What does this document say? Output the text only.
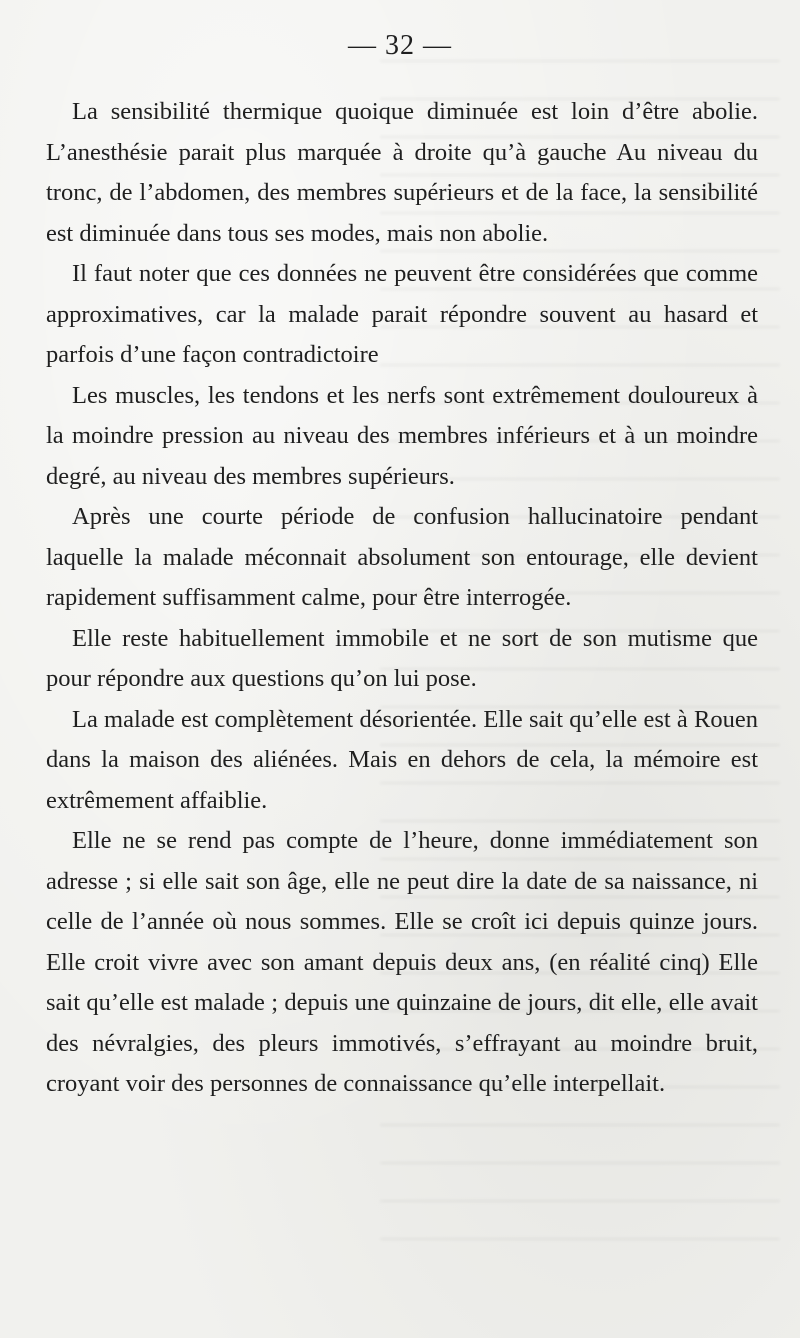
— 32 —

La sensibilité thermique quoique diminuée est loin d’être abolie. L’anesthésie parait plus marquée à droite qu’à gauche Au niveau du tronc, de l’abdomen, des membres supérieurs et de la face, la sensibilité est diminuée dans tous ses modes, mais non abolie.

Il faut noter que ces données ne peuvent être considérées que comme approximatives, car la malade parait répondre souvent au hasard et parfois d’une façon contradictoire

Les muscles, les tendons et les nerfs sont extrêmement douloureux à la moindre pression au niveau des membres inférieurs et à un moindre degré, au niveau des membres supérieurs.

Après une courte période de confusion hallucinatoire pendant laquelle la malade méconnait absolument son entourage, elle devient rapidement suffisamment calme, pour être interrogée.

Elle reste habituellement immobile et ne sort de son mutisme que pour répondre aux questions qu’on lui pose.

La malade est complètement désorientée. Elle sait qu’elle est à Rouen dans la maison des aliénées. Mais en dehors de cela, la mémoire est extrêmement affaiblie.

Elle ne se rend pas compte de l’heure, donne immédiatement son adresse ; si elle sait son âge, elle ne peut dire la date de sa naissance, ni celle de l’année où nous sommes. Elle se croît ici depuis quinze jours. Elle croit vivre avec son amant depuis deux ans, (en réalité cinq) Elle sait qu’elle est malade ; depuis une quinzaine de jours, dit elle, elle avait des névralgies, des pleurs immotivés, s’effrayant au moindre bruit, croyant voir des personnes de connaissance qu’elle interpellait.
